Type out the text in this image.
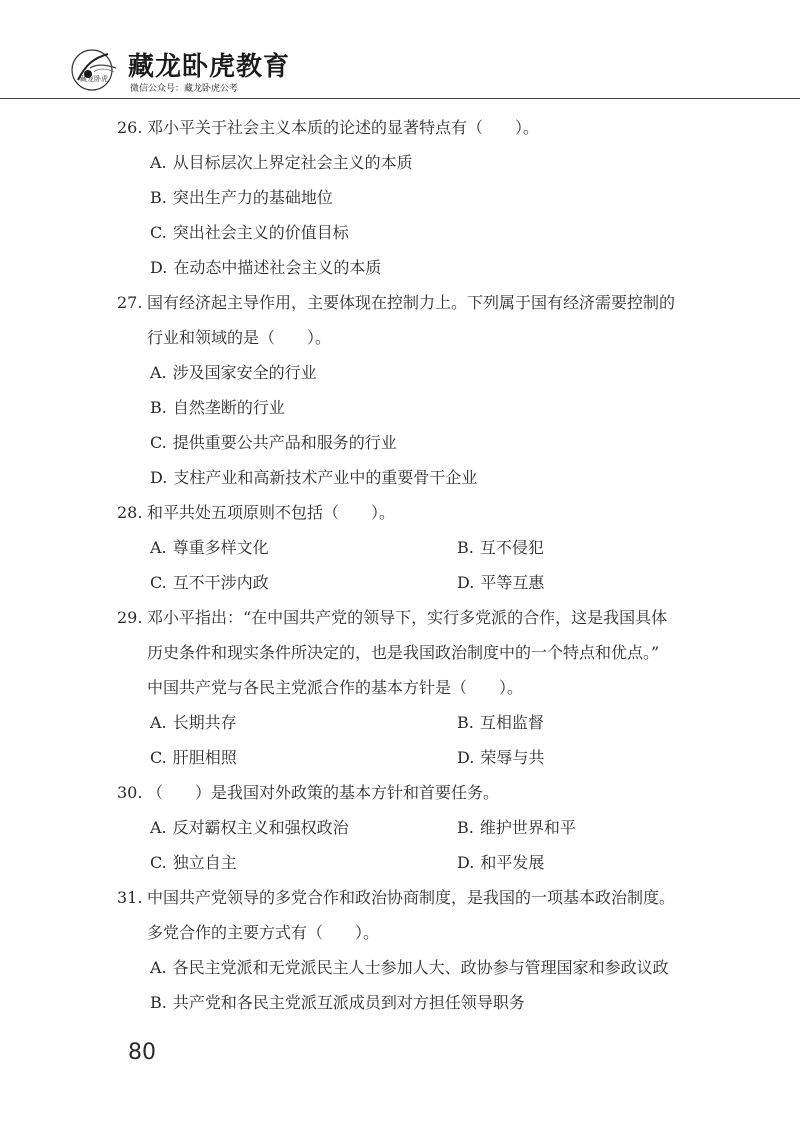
藏龙卧虎 藏龙卧虎教育
微信公众号：藏龙卧虎公考
26. 邓小平关于社会主义本质的论述的显著特点有（　　）。
A. 从目标层次上界定社会主义的本质
B. 突出生产力的基础地位
C. 突出社会主义的价值目标
D. 在动态中描述社会主义的本质
27. 国有经济起主导作用，主要体现在控制力上。下列属于国有经济需要控制的
行业和领域的是（　　）。
A. 涉及国家安全的行业
B. 自然垄断的行业
C. 提供重要公共产品和服务的行业
D. 支柱产业和高新技术产业中的重要骨干企业
28. 和平共处五项原则不包括（　　）。
A. 尊重多样文化	B. 互不侵犯
C. 互不干涉内政	D. 平等互惠
29. 邓小平指出：“在中国共产党的领导下，实行多党派的合作，这是我国具体
历史条件和现实条件所决定的，也是我国政治制度中的一个特点和优点。”
中国共产党与各民主党派合作的基本方针是（　　）。
A. 长期共存	B. 互相监督
C. 肝胆相照	D. 荣辱与共
30. （　　）是我国对外政策的基本方针和首要任务。
A. 反对霸权主义和强权政治	B. 维护世界和平
C. 独立自主	D. 和平发展
31. 中国共产党领导的多党合作和政治协商制度，是我国的一项基本政治制度。
多党合作的主要方式有（　　）。
A. 各民主党派和无党派民主人士参加人大、政协参与管理国家和参政议政
B. 共产党和各民主党派互派成员到对方担任领导职务
80
